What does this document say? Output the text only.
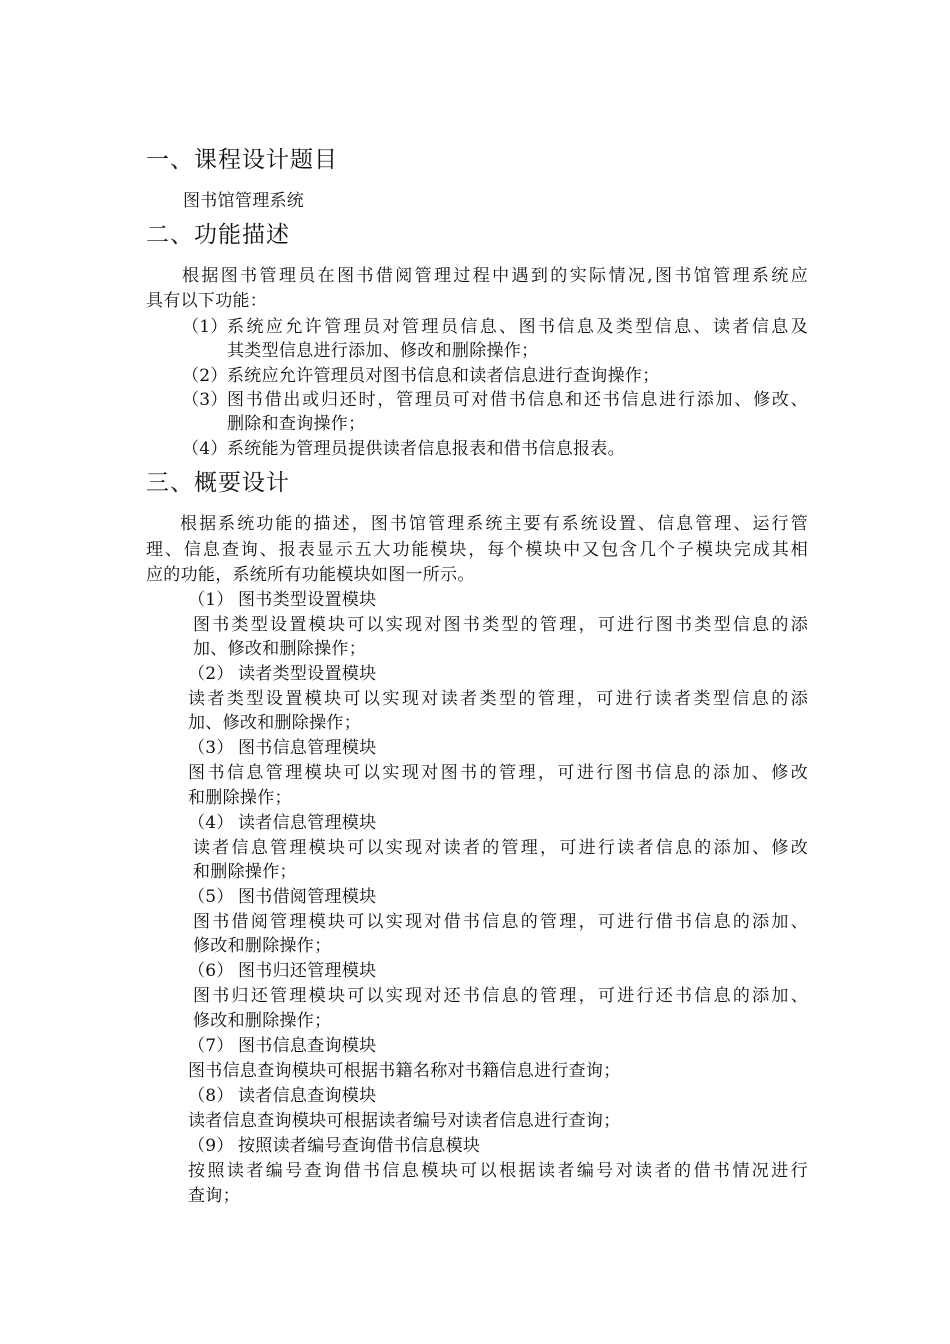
一、课程设计题目
图书馆管理系统
二、功能描述
根据图书管理员在图书借阅管理过程中遇到的实际情况,图书馆管理系统应
具有以下功能：
（1） 系统应允许管理员对管理员信息、图书信息及类型信息、读者信息及
其类型信息进行添加、修改和删除操作；
（2） 系统应允许管理员对图书信息和读者信息进行查询操作；
（3） 图书借出或归还时，管理员可对借书信息和还书信息进行添加、修改、
删除和查询操作；
（4） 系统能为管理员提供读者信息报表和借书信息报表。
三、概要设计
根据系统功能的描述，图书馆管理系统主要有系统设置、信息管理、运行管
理、信息查询、报表显示五大功能模块，每个模块中又包含几个子模块完成其相
应的功能，系统所有功能模块如图一所示。
（1） 图书类型设置模块
图书类型设置模块可以实现对图书类型的管理，可进行图书类型信息的添
加、修改和删除操作；
（2） 读者类型设置模块
读者类型设置模块可以实现对读者类型的管理，可进行读者类型信息的添
加、修改和删除操作；
（3） 图书信息管理模块
图书信息管理模块可以实现对图书的管理，可进行图书信息的添加、修改
和删除操作；
（4） 读者信息管理模块
读者信息管理模块可以实现对读者的管理，可进行读者信息的添加、修改
和删除操作；
（5） 图书借阅管理模块
图书借阅管理模块可以实现对借书信息的管理，可进行借书信息的添加、
修改和删除操作；
（6） 图书归还管理模块
图书归还管理模块可以实现对还书信息的管理，可进行还书信息的添加、
修改和删除操作；
（7） 图书信息查询模块
图书信息查询模块可根据书籍名称对书籍信息进行查询；
（8） 读者信息查询模块
读者信息查询模块可根据读者编号对读者信息进行查询；
（9） 按照读者编号查询借书信息模块
按照读者编号查询借书信息模块可以根据读者编号对读者的借书情况进行
查询；
